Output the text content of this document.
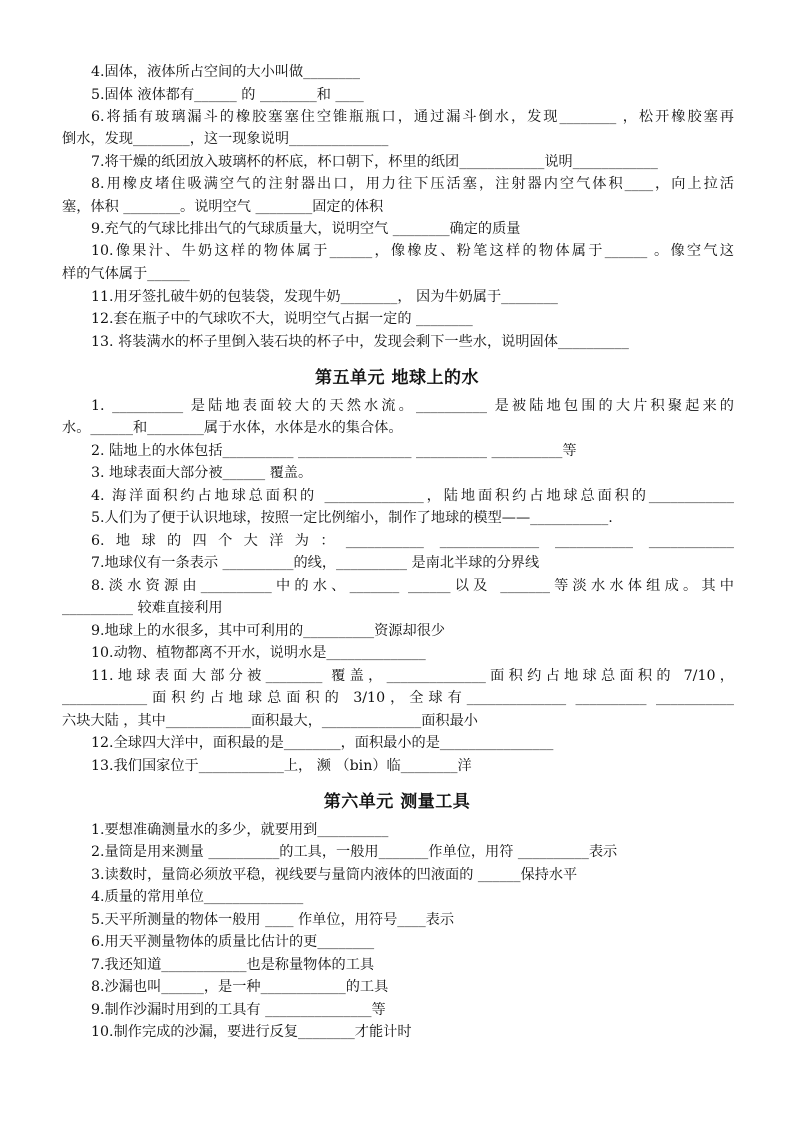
4.固体，液体所占空间的大小叫做________
5.固体 液体都有______ 的 ________和 ____
6.将插有玻璃漏斗的橡胶塞塞住空锥瓶瓶口，通过漏斗倒水，发现________ ，松开橡胶塞再
倒水，发现________，这一现象说明______________
7.将干燥的纸团放入玻璃杯的杯底，杯口朝下，杯里的纸团____________说明____________
8.用橡皮堵住吸满空气的注射器出口，用力往下压活塞，注射器内空气体积____，向上拉活
塞，体积 ________。说明空气 ________固定的体积
9.充气的气球比排出气的气球质量大，说明空气 ________确定的质量
10.像果汁、牛奶这样的物体属于______，像橡皮、粉笔这样的物体属于______ 。像空气这
样的气体属于______
11.用牙签扎破牛奶的包装袋，发现牛奶________， 因为牛奶属于________
12.套在瓶子中的气球吹不大，说明空气占据一定的 ________
13. 将装满水的杯子里倒入装石块的杯子中，发现会剩下一些水，说明固体__________
第五单元 地球上的水
1. __________ 是陆地表面较大的天然水流。__________ 是被陆地包围的大片积聚起来的
水。______和________属于水体，水体是水的集合体。
2. 陆地上的水体包括__________ ________________ __________ __________等
3. 地球表面大部分被______ 覆盖。
4. 海洋面积约占地球总面积的 ______________，陆地面积约占地球总面积的____________
5.人们为了便于认识地球，按照一定比例缩小，制作了地球的模型——___________.
6.地球的四个大洋为：___________ ______________ ___________ ____________
7.地球仪有一条表示 __________的线，__________ 是南北半球的分界线
8.淡水资源由__________中的水、_______ ______以及 _______等淡水水体组成。其中
__________ 较难直接利用
9.地球上的水很多，其中可利用的__________资源却很少
10.动物、植物都离不开水，说明水是______________
11.地球表面大部分被________ 覆盖，______________面积约占地球总面积的 7/10，
____________面积约占地球总面积的 3/10，全球有______________ __________ ___________
六块大陆 ，其中____________面积最大，______________面积最小
12.全球四大洋中，面积最的是________，面积最小的是________________
13.我们国家位于____________上， 濒 （bin）临________洋
第六单元 测量工具
1.要想准确测量水的多少，就要用到__________
2.量筒是用来测量 __________的工具，一般用_______作单位，用符 __________表示
3.读数时，量筒必须放平稳，视线要与量筒内液体的凹液面的 ______保持水平
4.质量的常用单位______________
5.天平所测量的物体一般用 ____ 作单位，用符号____表示
6.用天平测量物体的质量比估计的更________
7.我还知道____________也是称量物体的工具
8.沙漏也叫______，是一种____________的工具
9.制作沙漏时用到的工具有 _______________等
10.制作完成的沙漏，要进行反复________才能计时
